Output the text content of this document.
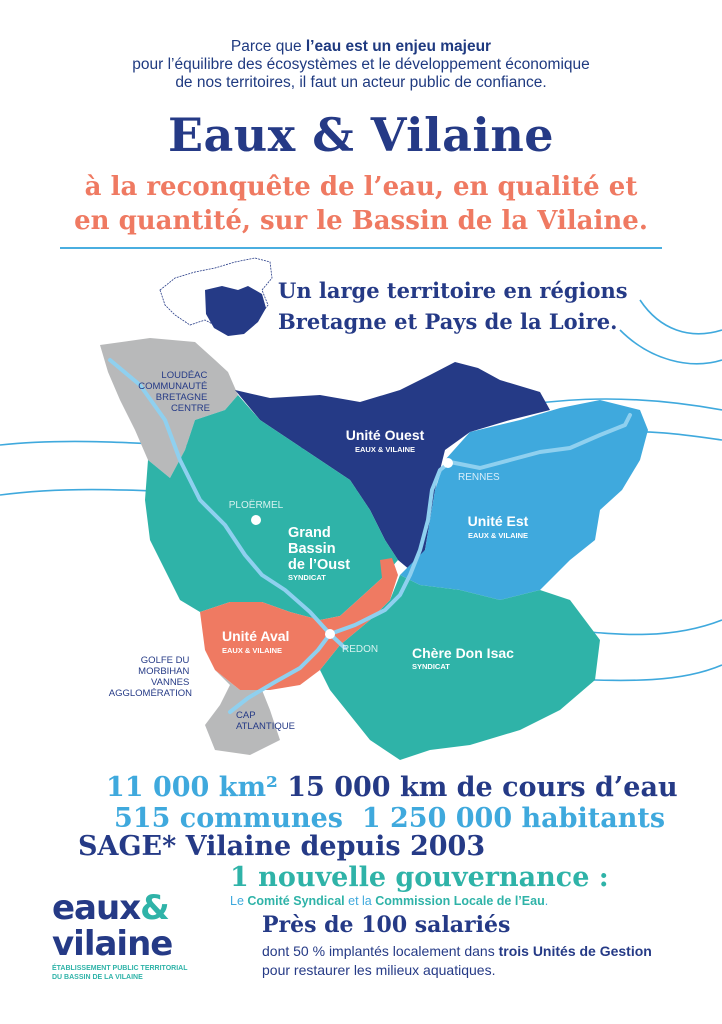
Parce que l’eau est un enjeu majeur
pour l’équilibre des écosystèmes et le développement économique
de nos territoires, il faut un acteur public de confiance.
Eaux & Vilaine
à la reconquête de l’eau, en qualité et
en quantité, sur le Bassin de la Vilaine.
LOUDÉAC COMMUNAUTÉ BRETAGNE CENTRE
Unité Ouest
EAUX & VILAINE
Unité Est
EAUX & VILAINE
Grand Bassin de l’Oust
SYNDICAT
Unité Aval
EAUX & VILAINE	Chère Don Isac
SYNDICAT
GOLFE DU MORBIHAN VANNES AGGLOMÉRATION
CAP ATLANTIQUE
PLOËRMEL
RENNES
REDON
Un large territoire en régions
Bretagne et Pays de la Loire.
11 000 km² 15 000 km de cours d’eau
515 communes 1 250 000 habitants
SAGE* Vilaine depuis 2003
1 nouvelle gouvernance :
Le Comité Syndical et la Commission Locale de l’Eau.
Près de 100 salariés
dont 50 % implantés localement dans trois Unités de Gestion pour restaurer les milieux aquatiques.
eaux&
vilaine
ÉTABLISSEMENT PUBLIC TERRITORIAL
DU BASSIN DE LA VILAINE
